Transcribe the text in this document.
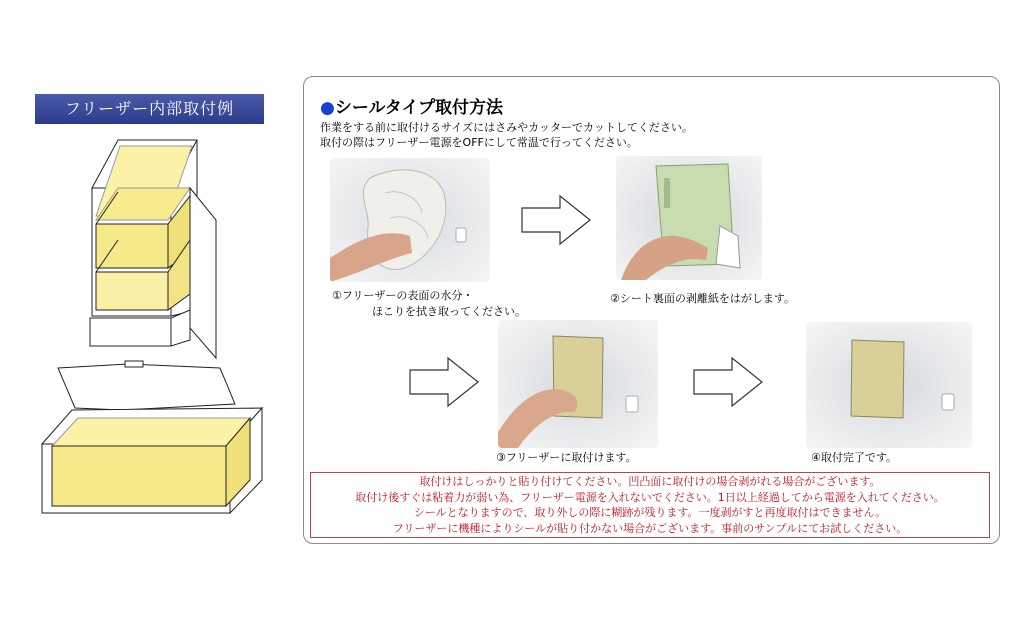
フリーザー内部取付例	●シールタイプ取付方法
作業をする前に取付けるサイズにはさみやカッターでカットしてください。
取付の際はフリーザー電源をOFFにして常温で行ってください。
①フリーザーの表面の水分・
ほこりを拭き取ってください。
②シート裏面の剥離紙をはがします。
③フリーザーに取付けます。	④取付完了です。
取付けはしっかりと貼り付けてください。凹凸面に取付けの場合剥がれる場合がございます。
取付け後すぐは粘着力が弱い為、フリーザー電源を入れないでください。1日以上経過してから電源を入れてください。
シールとなりますので、取り外しの際に糊跡が残ります。一度剥がすと再度取付はできません。
フリーザーに機種によりシールが貼り付かない場合がございます。事前のサンプルにてお試しください。
